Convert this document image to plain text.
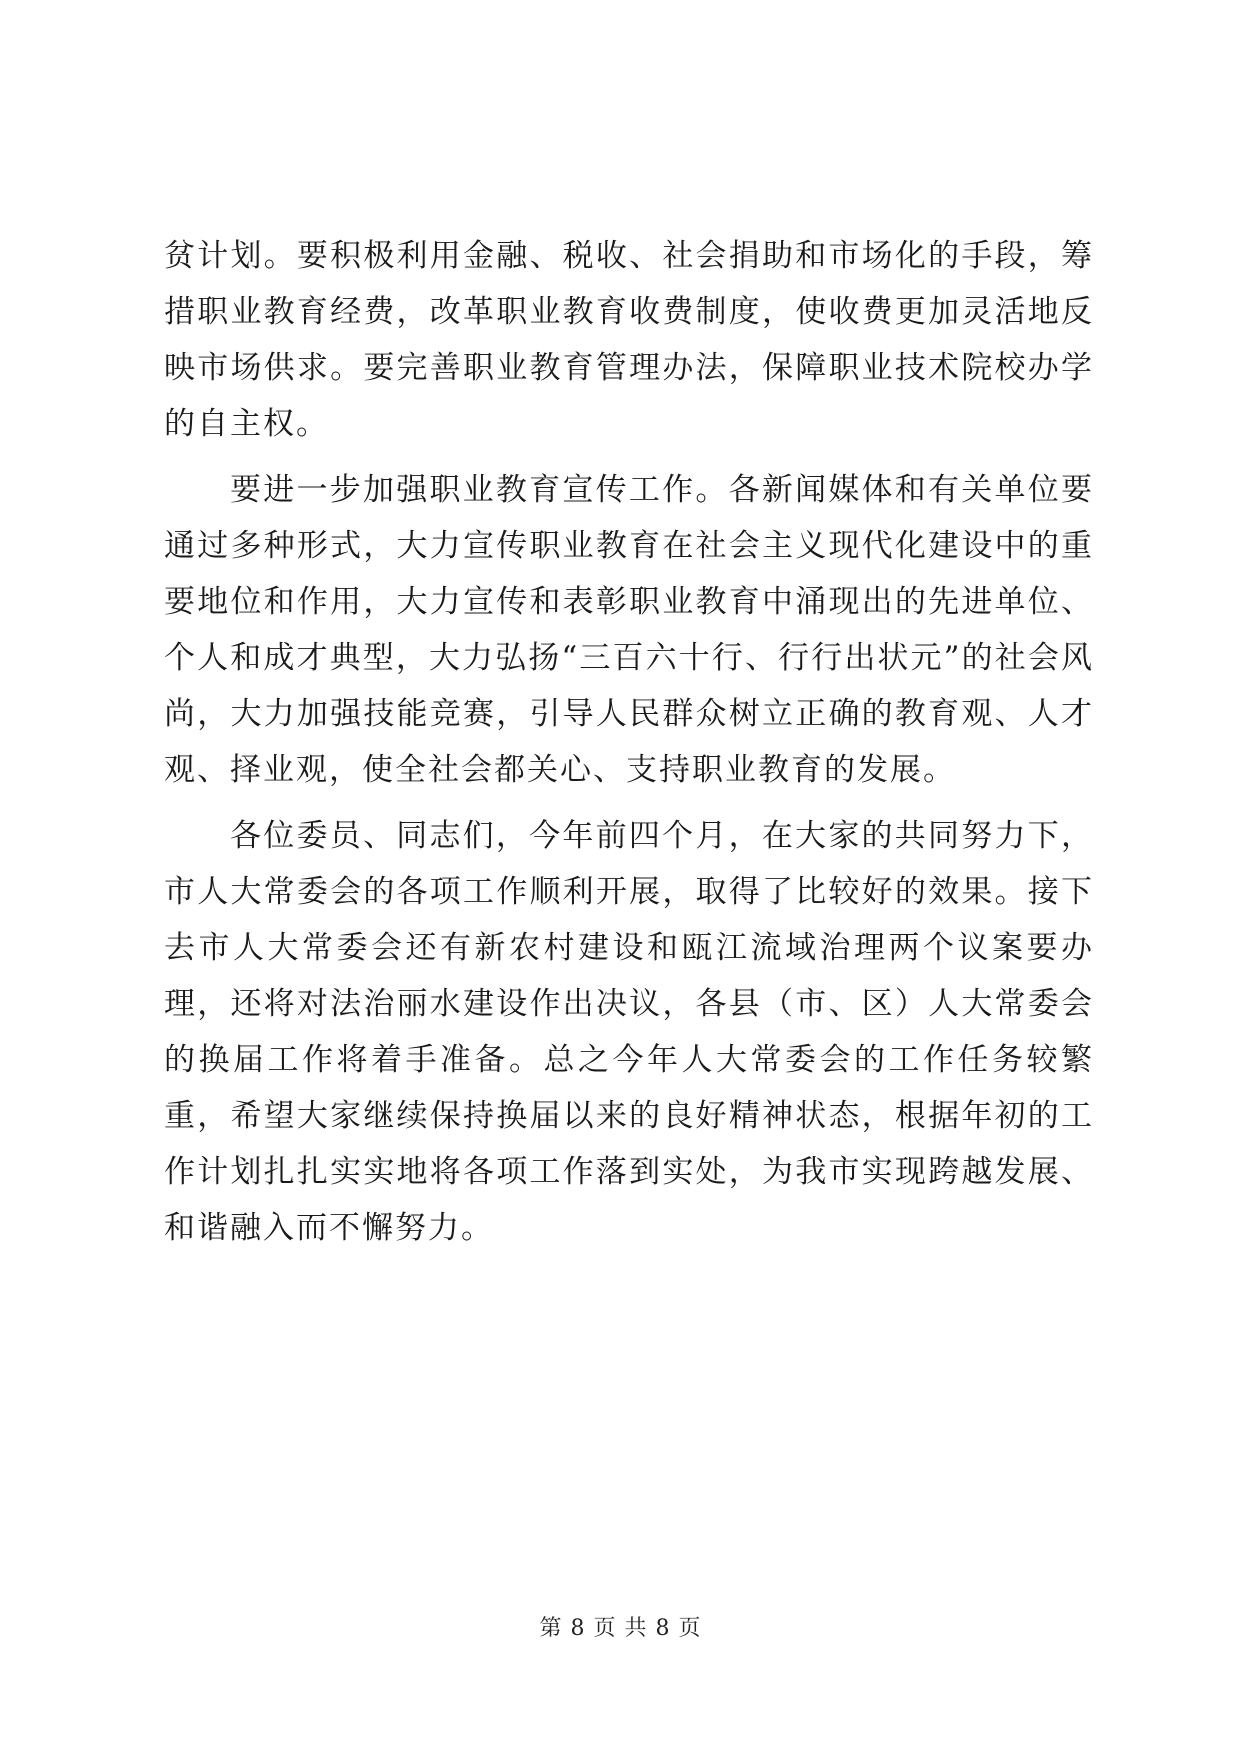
贫计划。要积极利用金融、税收、社会捐助和市场化的手段，筹措职业教育经费，改革职业教育收费制度，使收费更加灵活地反映市场供求。要完善职业教育管理办法，保障职业技术院校办学的自主权。

要进一步加强职业教育宣传工作。各新闻媒体和有关单位要通过多种形式，大力宣传职业教育在社会主义现代化建设中的重要地位和作用，大力宣传和表彰职业教育中涌现出的先进单位、个人和成才典型，大力弘扬“三百六十行、行行出状元”的社会风尚，大力加强技能竞赛，引导人民群众树立正确的教育观、人才观、择业观，使全社会都关心、支持职业教育的发展。

各位委员、同志们，今年前四个月，在大家的共同努力下，市人大常委会的各项工作顺利开展，取得了比较好的效果。接下去市人大常委会还有新农村建设和瓯江流域治理两个议案要办理，还将对法治丽水建设作出决议，各县（市、区）人大常委会的换届工作将着手准备。总之今年人大常委会的工作任务较繁重，希望大家继续保持换届以来的良好精神状态，根据年初的工作计划扎扎实实地将各项工作落到实处，为我市实现跨越发展、和谐融入而不懈努力。

第 8 页 共 8 页
